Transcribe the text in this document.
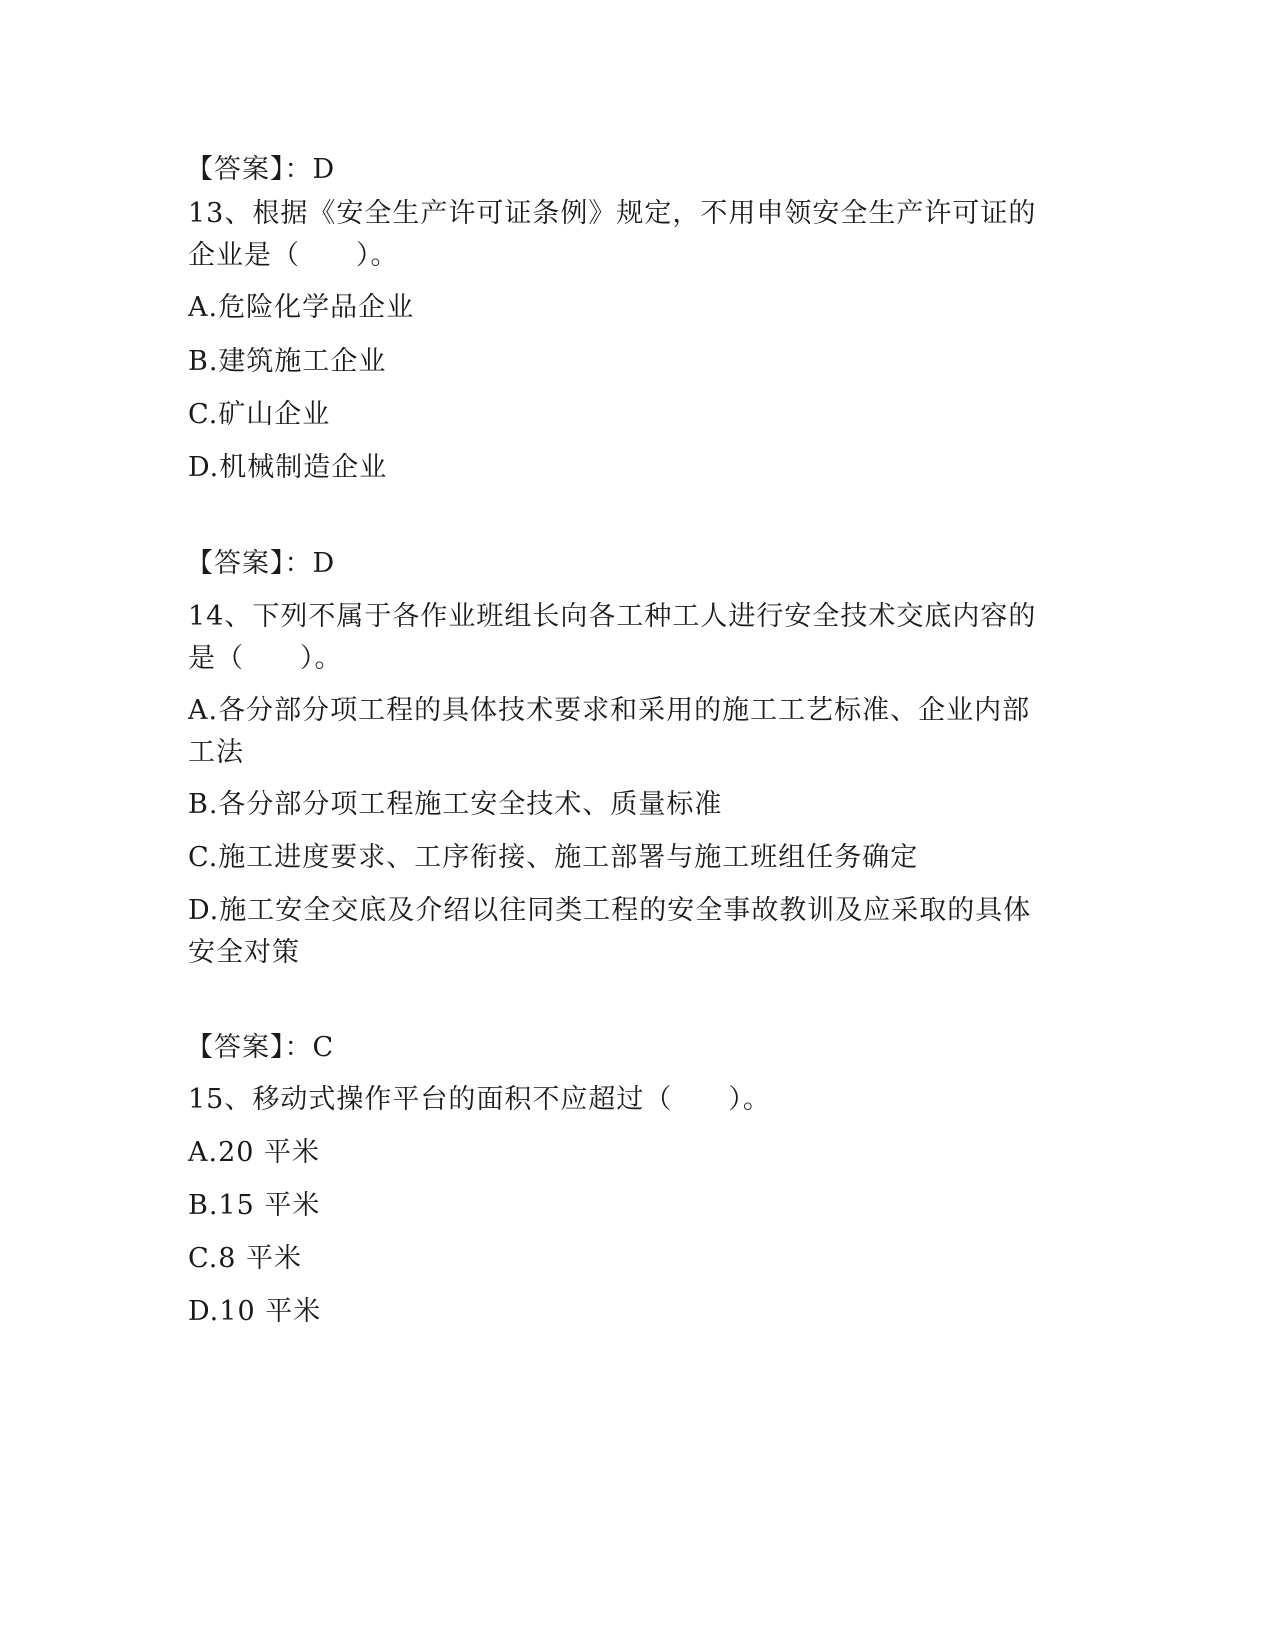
【答案】：D
13、根据《安全生产许可证条例》规定，不用申领安全生产许可证的
企业是（　　）。
A.危险化学品企业
B.建筑施工企业
C.矿山企业
D.机械制造企业
【答案】：D
14、下列不属于各作业班组长向各工种工人进行安全技术交底内容的
是（　　）。
A.各分部分项工程的具体技术要求和采用的施工工艺标准、企业内部
工法
B.各分部分项工程施工安全技术、质量标准
C.施工进度要求、工序衔接、施工部署与施工班组任务确定
D.施工安全交底及介绍以往同类工程的安全事故教训及应采取的具体
安全对策
【答案】：C
15、移动式操作平台的面积不应超过（　　）。
A.20 平米
B.15 平米
C.8 平米
D.10 平米
